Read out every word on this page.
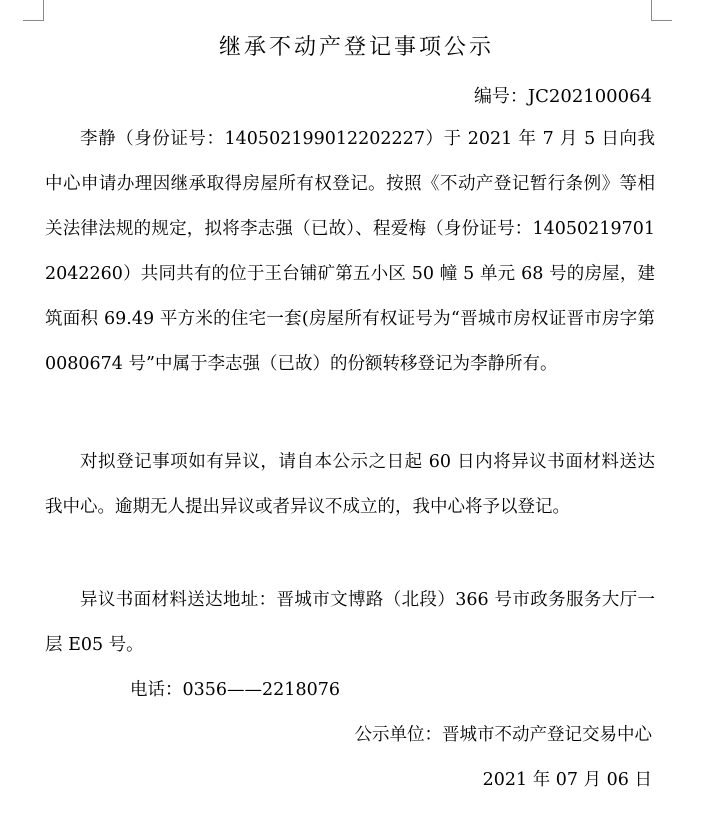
继承不动产登记事项公示
编号：JC202100064
李静（身份证号：140502199012202227）于 2021 年 7 月 5 日向我中心申请办理因继承取得房屋所有权登记。按照《不动产登记暂行条例》等相关法律法规的规定，拟将李志强（已故）、程爱梅（身份证号：140502197012042260）共同共有的位于王台铺矿第五小区 50 幢 5 单元 68 号的房屋，建筑面积 69.49 平方米的住宅一套(房屋所有权证号为“晋城市房权证晋市房字第 0080674 号”中属于李志强（已故）的份额转移登记为李静所有。
对拟登记事项如有异议，请自本公示之日起 60 日内将异议书面材料送达我中心。逾期无人提出异议或者异议不成立的，我中心将予以登记。
异议书面材料送达地址：晋城市文博路（北段）366 号市政务服务大厅一层 E05 号。
电话：0356——2218076
公示单位：晋城市不动产登记交易中心
2021 年 07 月 06 日
